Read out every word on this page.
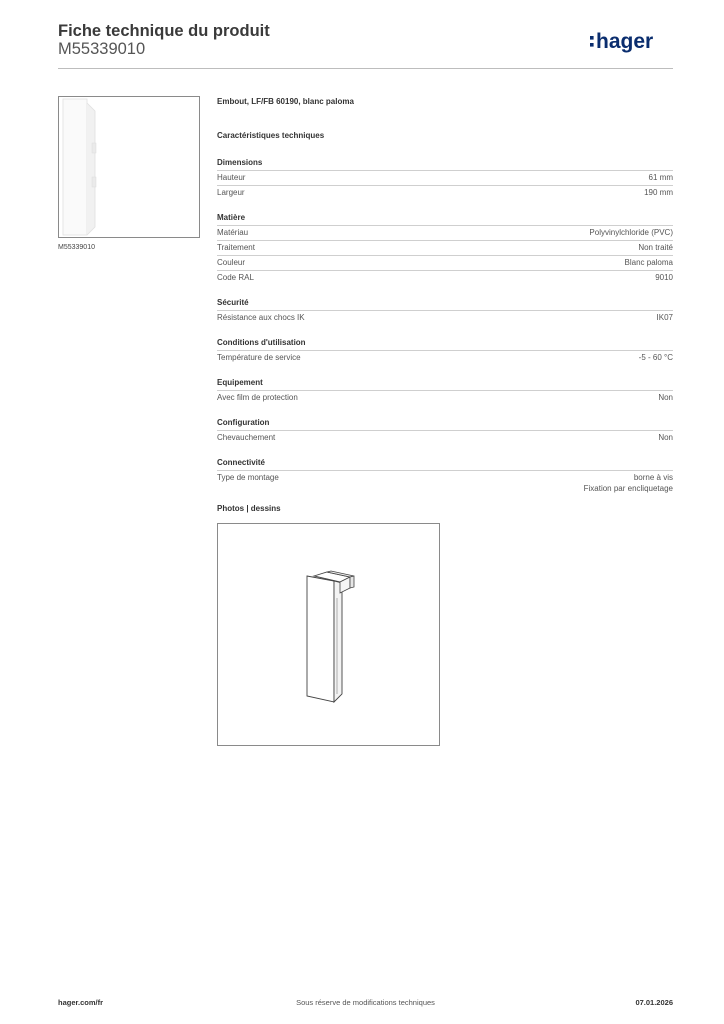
Fiche technique du produit
M55339010	hager
M55339010
Embout, LF/FB 60190, blanc paloma
Caractéristiques techniques
Dimensions
Hauteur	61 mm
Largeur	190 mm
Matière
Matériau	Polyvinylchloride (PVC)
Traitement	Non traité
Couleur	Blanc paloma
Code RAL	9010
Sécurité
Résistance aux chocs IK	IK07
Conditions d'utilisation
Température de service	-5 - 60 °C
Equipement
Avec film de protection	Non
Configuration
Chevauchement	Non
Connectivité
Type de montage	borne à vis
Fixation par encliquetage
Photos | dessins
hager.com/fr	Sous réserve de modifications techniques	07.01.2026
